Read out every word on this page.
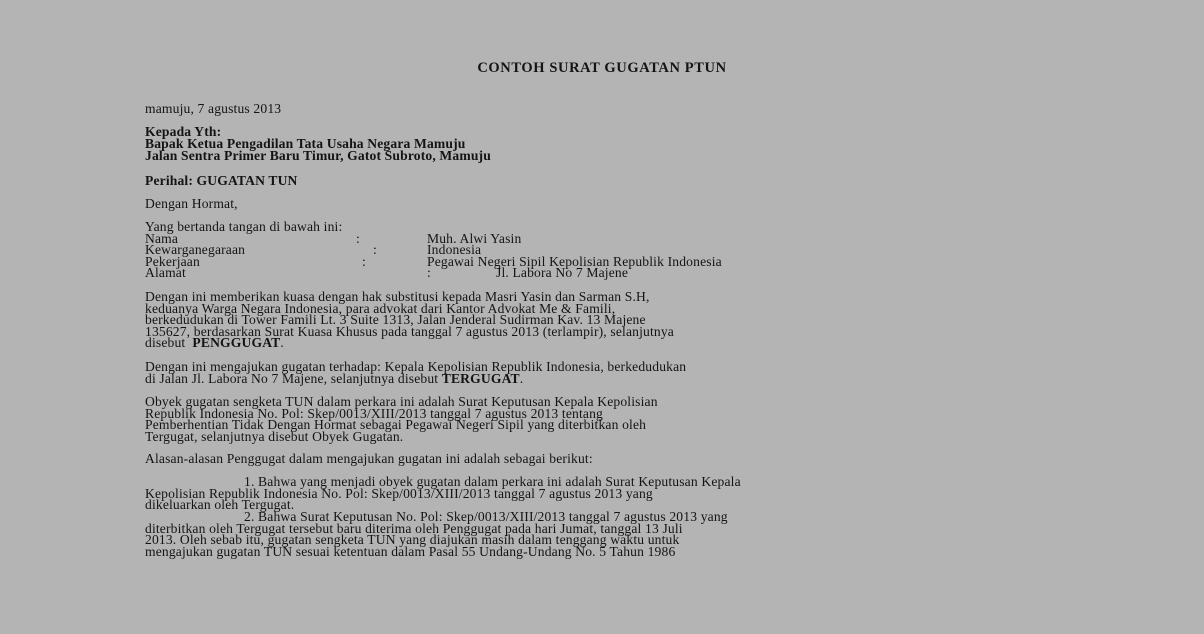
CONTOH SURAT GUGATAN PTUN
mamuju, 7 agustus 2013
Kepada Yth:
Bapak Ketua Pengadilan Tata Usaha Negara Mamuju
Jalan Sentra Primer Baru Timur, Gatot Subroto, Mamuju
Perihal: GUGATAN TUN
Dengan Hormat,
Yang bertanda tangan di bawah ini:
Nama	:	Muh. Alwi Yasin
Kewarganegaraan	:	Indonesia
Pekerjaan	:	Pegawai Negeri Sipil Kepolisian Republik Indonesia
Alamat	:	Jl. Labora No 7 Majene
Dengan ini memberikan kuasa dengan hak substitusi kepada Masri Yasin dan Sarman S.H,
keduanya Warga Negara Indonesia, para advokat dari Kantor Advokat Me & Famili,
berkedudukan di Tower Famili Lt. 3 Suite 1313, Jalan Jenderal Sudirman Kav. 13 Majene
135627, berdasarkan Surat Kuasa Khusus pada tanggal 7 agustus 2013 (terlampir), selanjutnya
disebut  PENGGUGAT.
Dengan ini mengajukan gugatan terhadap: Kepala Kepolisian Republik Indonesia, berkedudukan
di Jalan Jl. Labora No 7 Majene, selanjutnya disebut TERGUGAT.
Obyek gugatan sengketa TUN dalam perkara ini adalah Surat Keputusan Kepala Kepolisian
Republik Indonesia No. Pol: Skep/0013/XIII/2013 tanggal 7 agustus 2013 tentang
Pemberhentian Tidak Dengan Hormat sebagai Pegawai Negeri Sipil yang diterbitkan oleh
Tergugat, selanjutnya disebut Obyek Gugatan.
Alasan-alasan Penggugat dalam mengajukan gugatan ini adalah sebagai berikut:
1. Bahwa yang menjadi obyek gugatan dalam perkara ini adalah Surat Keputusan Kepala
Kepolisian Republik Indonesia No. Pol: Skep/0013/XIII/2013 tanggal 7 agustus 2013 yang
dikeluarkan oleh Tergugat.
2. Bahwa Surat Keputusan No. Pol: Skep/0013/XIII/2013 tanggal 7 agustus 2013 yang
diterbitkan oleh Tergugat tersebut baru diterima oleh Penggugat pada hari Jumat, tanggal 13 Juli
2013. Oleh sebab itu, gugatan sengketa TUN yang diajukan masih dalam tenggang waktu untuk
mengajukan gugatan TUN sesuai ketentuan dalam Pasal 55 Undang-Undang No. 5 Tahun 1986
